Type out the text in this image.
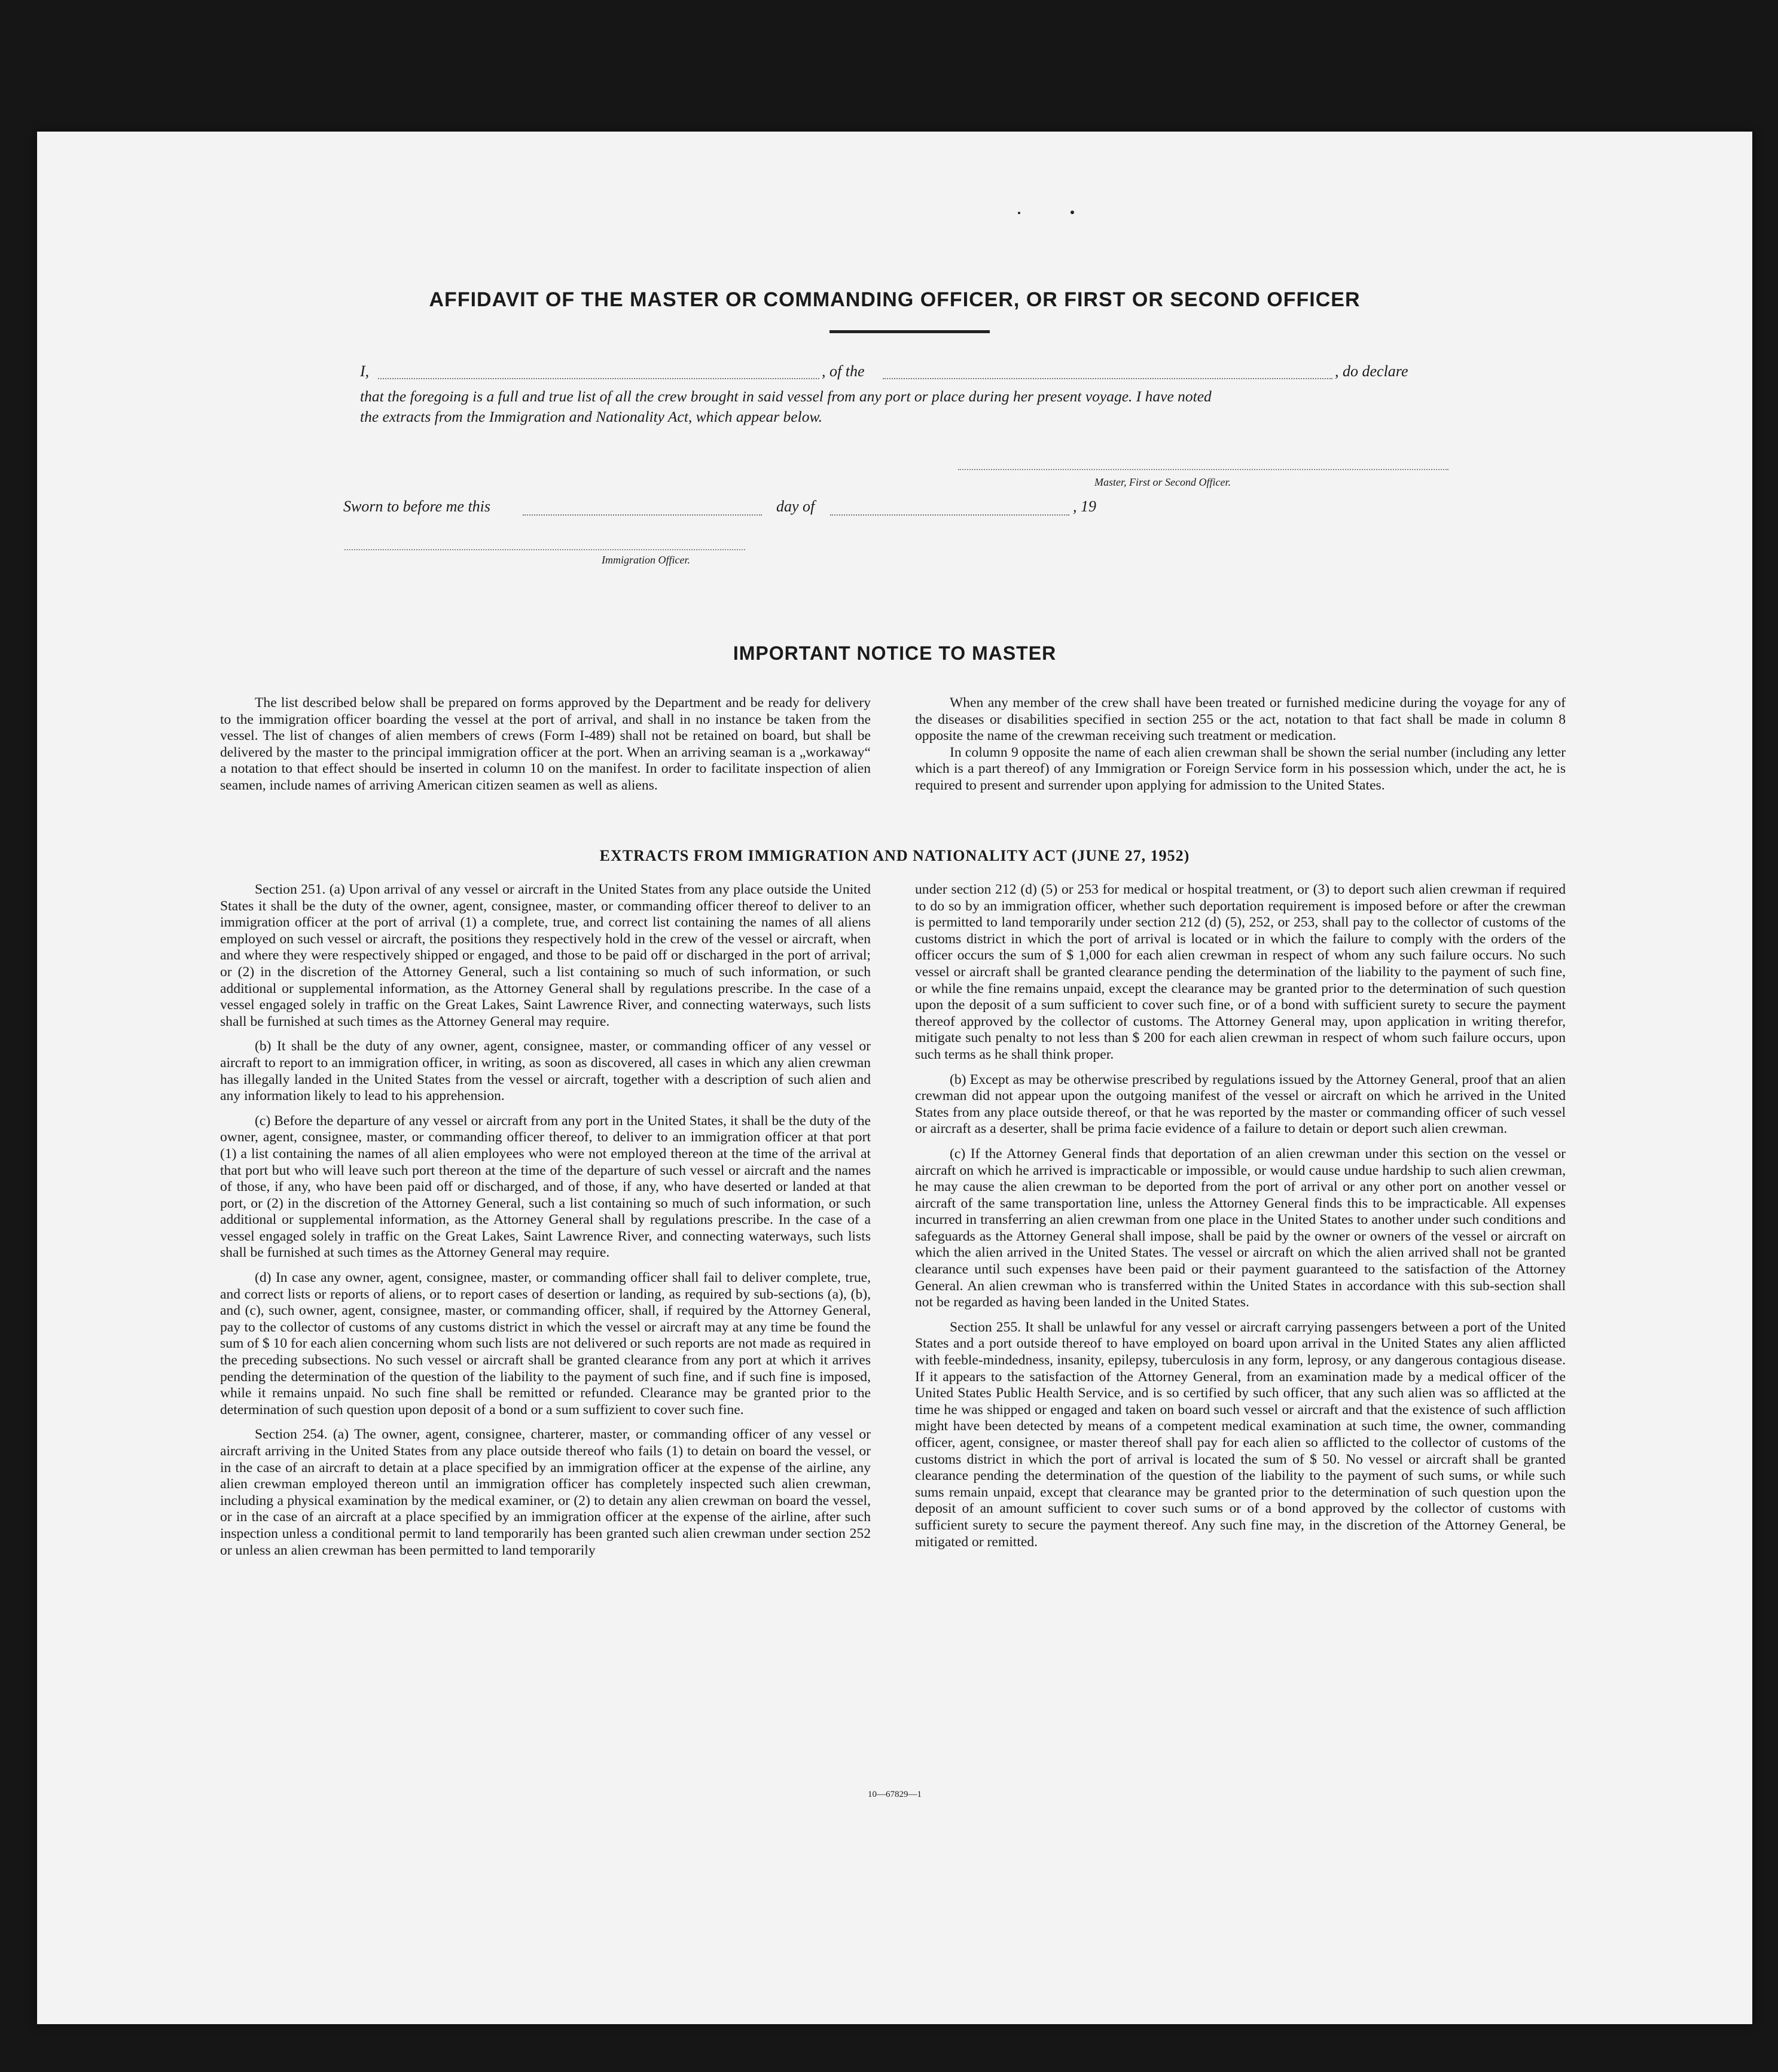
AFFIDAVIT OF THE MASTER OR COMMANDING OFFICER, OR FIRST OR SECOND OFFICER
I,	, of the	, do declare
that the foregoing is a full and true list of all the crew brought in said vessel from any port or place during her present voyage. I have noted
the extracts from the Immigration and Nationality Act, which appear below.
Master, First or Second Officer.
Sworn to before me this	day of	, 19
Immigration Officer.
IMPORTANT NOTICE TO MASTER

The list described below shall be prepared on forms approved by the Department and be ready for delivery to the immigration officer boarding the vessel at the port of arrival, and shall in no instance be taken from the vessel. The list of changes of alien members of crews (Form I-489) shall not be retained on board, but shall be delivered by the master to the principal immigration officer at the port. When an arriving seaman is a „workaway“ a notation to that effect should be inserted in column 10 on the manifest. In order to facilitate inspection of alien seamen, include names of arriving American citizen seamen as well as aliens.

When any member of the crew shall have been treated or furnished medicine during the voyage for any of the diseases or disabilities specified in section 255 or the act, notation to that fact shall be made in column 8 opposite the name of the crewman receiving such treatment or medication.

In column 9 opposite the name of each alien crewman shall be shown the serial number (including any letter which is a part thereof) of any Immigration or Foreign Service form in his possession which, under the act, he is required to present and surrender upon applying for admission to the United States.

EXTRACTS FROM IMMIGRATION AND NATIONALITY ACT (JUNE 27, 1952)

Section 251. (a) Upon arrival of any vessel or aircraft in the United States from any place outside the United States it shall be the duty of the owner, agent, consignee, master, or commanding officer thereof to deliver to an immigration officer at the port of arrival (1) a complete, true, and correct list containing the names of all aliens employed on such vessel or aircraft, the positions they respectively hold in the crew of the vessel or aircraft, when and where they were respectively shipped or engaged, and those to be paid off or discharged in the port of arrival; or (2) in the discretion of the Attorney General, such a list containing so much of such information, or such additional or supplemental information, as the Attorney General shall by regulations prescribe. In the case of a vessel engaged solely in traffic on the Great Lakes, Saint Lawrence River, and connecting waterways, such lists shall be furnished at such times as the Attorney General may require.

(b) It shall be the duty of any owner, agent, consignee, master, or commanding officer of any vessel or aircraft to report to an immigration officer, in writing, as soon as discovered, all cases in which any alien crewman has illegally landed in the United States from the vessel or aircraft, together with a description of such alien and any information likely to lead to his apprehension.

(c) Before the departure of any vessel or aircraft from any port in the United States, it shall be the duty of the owner, agent, consignee, master, or commanding officer thereof, to deliver to an immigration officer at that port (1) a list containing the names of all alien employees who were not employed thereon at the time of the arrival at that port but who will leave such port thereon at the time of the departure of such vessel or aircraft and the names of those, if any, who have been paid off or discharged, and of those, if any, who have deserted or landed at that port, or (2) in the discretion of the Attorney General, such a list containing so much of such information, or such additional or supplemental information, as the Attorney General shall by regulations prescribe. In the case of a vessel engaged solely in traffic on the Great Lakes, Saint Lawrence River, and connecting waterways, such lists shall be furnished at such times as the Attorney General may require.

(d) In case any owner, agent, consignee, master, or commanding officer shall fail to deliver complete, true, and correct lists or reports of aliens, or to report cases of desertion or landing, as required by sub-sections (a), (b), and (c), such owner, agent, consignee, master, or commanding officer, shall, if required by the Attorney General, pay to the collector of customs of any customs district in which the vessel or aircraft may at any time be found the sum of $ 10 for each alien concerning whom such lists are not delivered or such reports are not made as required in the preceding subsections. No such vessel or aircraft shall be granted clearance from any port at which it arrives pending the determination of the question of the liability to the payment of such fine, and if such fine is imposed, while it remains unpaid. No such fine shall be remitted or refunded. Clearance may be granted prior to the determination of such question upon deposit of a bond or a sum suffizient to cover such fine.

Section 254. (a) The owner, agent, consignee, charterer, master, or commanding officer of any vessel or aircraft arriving in the United States from any place outside thereof who fails (1) to detain on board the vessel, or in the case of an aircraft to detain at a place specified by an immigration officer at the expense of the airline, any alien crewman employed thereon until an immigration officer has completely inspected such alien crewman, including a physical examination by the medical examiner, or (2) to detain any alien crewman on board the vessel, or in the case of an aircraft at a place specified by an immigration officer at the expense of the airline, after such inspection unless a conditional permit to land temporarily has been granted such alien crewman under section 252 or unless an alien crewman has been permitted to land temporarily

under section 212 (d) (5) or 253 for medical or hospital treatment, or (3) to deport such alien crewman if required to do so by an immigration officer, whether such deportation requirement is imposed before or after the crewman is permitted to land temporarily under section 212 (d) (5), 252, or 253, shall pay to the collector of customs of the customs district in which the port of arrival is located or in which the failure to comply with the orders of the officer occurs the sum of $ 1,000 for each alien crewman in respect of whom any such failure occurs. No such vessel or aircraft shall be granted clearance pending the determination of the liability to the payment of such fine, or while the fine remains unpaid, except the clearance may be granted prior to the determination of such question upon the deposit of a sum sufficient to cover such fine, or of a bond with sufficient surety to secure the payment thereof approved by the collector of customs. The Attorney General may, upon application in writing therefor, mitigate such penalty to not less than $ 200 for each alien crewman in respect of whom such failure occurs, upon such terms as he shall think proper.

(b) Except as may be otherwise prescribed by regulations issued by the Attorney General, proof that an alien crewman did not appear upon the outgoing manifest of the vessel or aircraft on which he arrived in the United States from any place outside thereof, or that he was reported by the master or commanding officer of such vessel or aircraft as a deserter, shall be prima facie evidence of a failure to detain or deport such alien crewman.

(c) If the Attorney General finds that deportation of an alien crewman under this section on the vessel or aircraft on which he arrived is impracticable or impossible, or would cause undue hardship to such alien crewman, he may cause the alien crewman to be deported from the port of arrival or any other port on another vessel or aircraft of the same transportation line, unless the Attorney General finds this to be impracticable. All expenses incurred in transferring an alien crewman from one place in the United States to another under such conditions and safeguards as the Attorney General shall impose, shall be paid by the owner or owners of the vessel or aircraft on which the alien arrived in the United States. The vessel or aircraft on which the alien arrived shall not be granted clearance until such expenses have been paid or their payment guaranteed to the satisfaction of the Attorney General. An alien crewman who is transferred within the United States in accordance with this sub-section shall not be regarded as having been landed in the United States.

Section 255. It shall be unlawful for any vessel or aircraft carrying passengers between a port of the United States and a port outside thereof to have employed on board upon arrival in the United States any alien afflicted with feeble-mindedness, insanity, epilepsy, tuberculosis in any form, leprosy, or any dangerous contagious disease. If it appears to the satisfaction of the Attorney General, from an examination made by a medical officer of the United States Public Health Service, and is so certified by such officer, that any such alien was so afflicted at the time he was shipped or engaged and taken on board such vessel or aircraft and that the existence of such affliction might have been detected by means of a competent medical examination at such time, the owner, commanding officer, agent, consignee, or master thereof shall pay for each alien so afflicted to the collector of customs of the customs district in which the port of arrival is located the sum of $ 50. No vessel or aircraft shall be granted clearance pending the determination of the question of the liability to the payment of such sums, or while such sums remain unpaid, except that clearance may be granted prior to the determination of such question upon the deposit of an amount sufficient to cover such sums or of a bond approved by the collector of customs with sufficient surety to secure the payment thereof. Any such fine may, in the discretion of the Attorney General, be mitigated or remitted.

10—67829—1
